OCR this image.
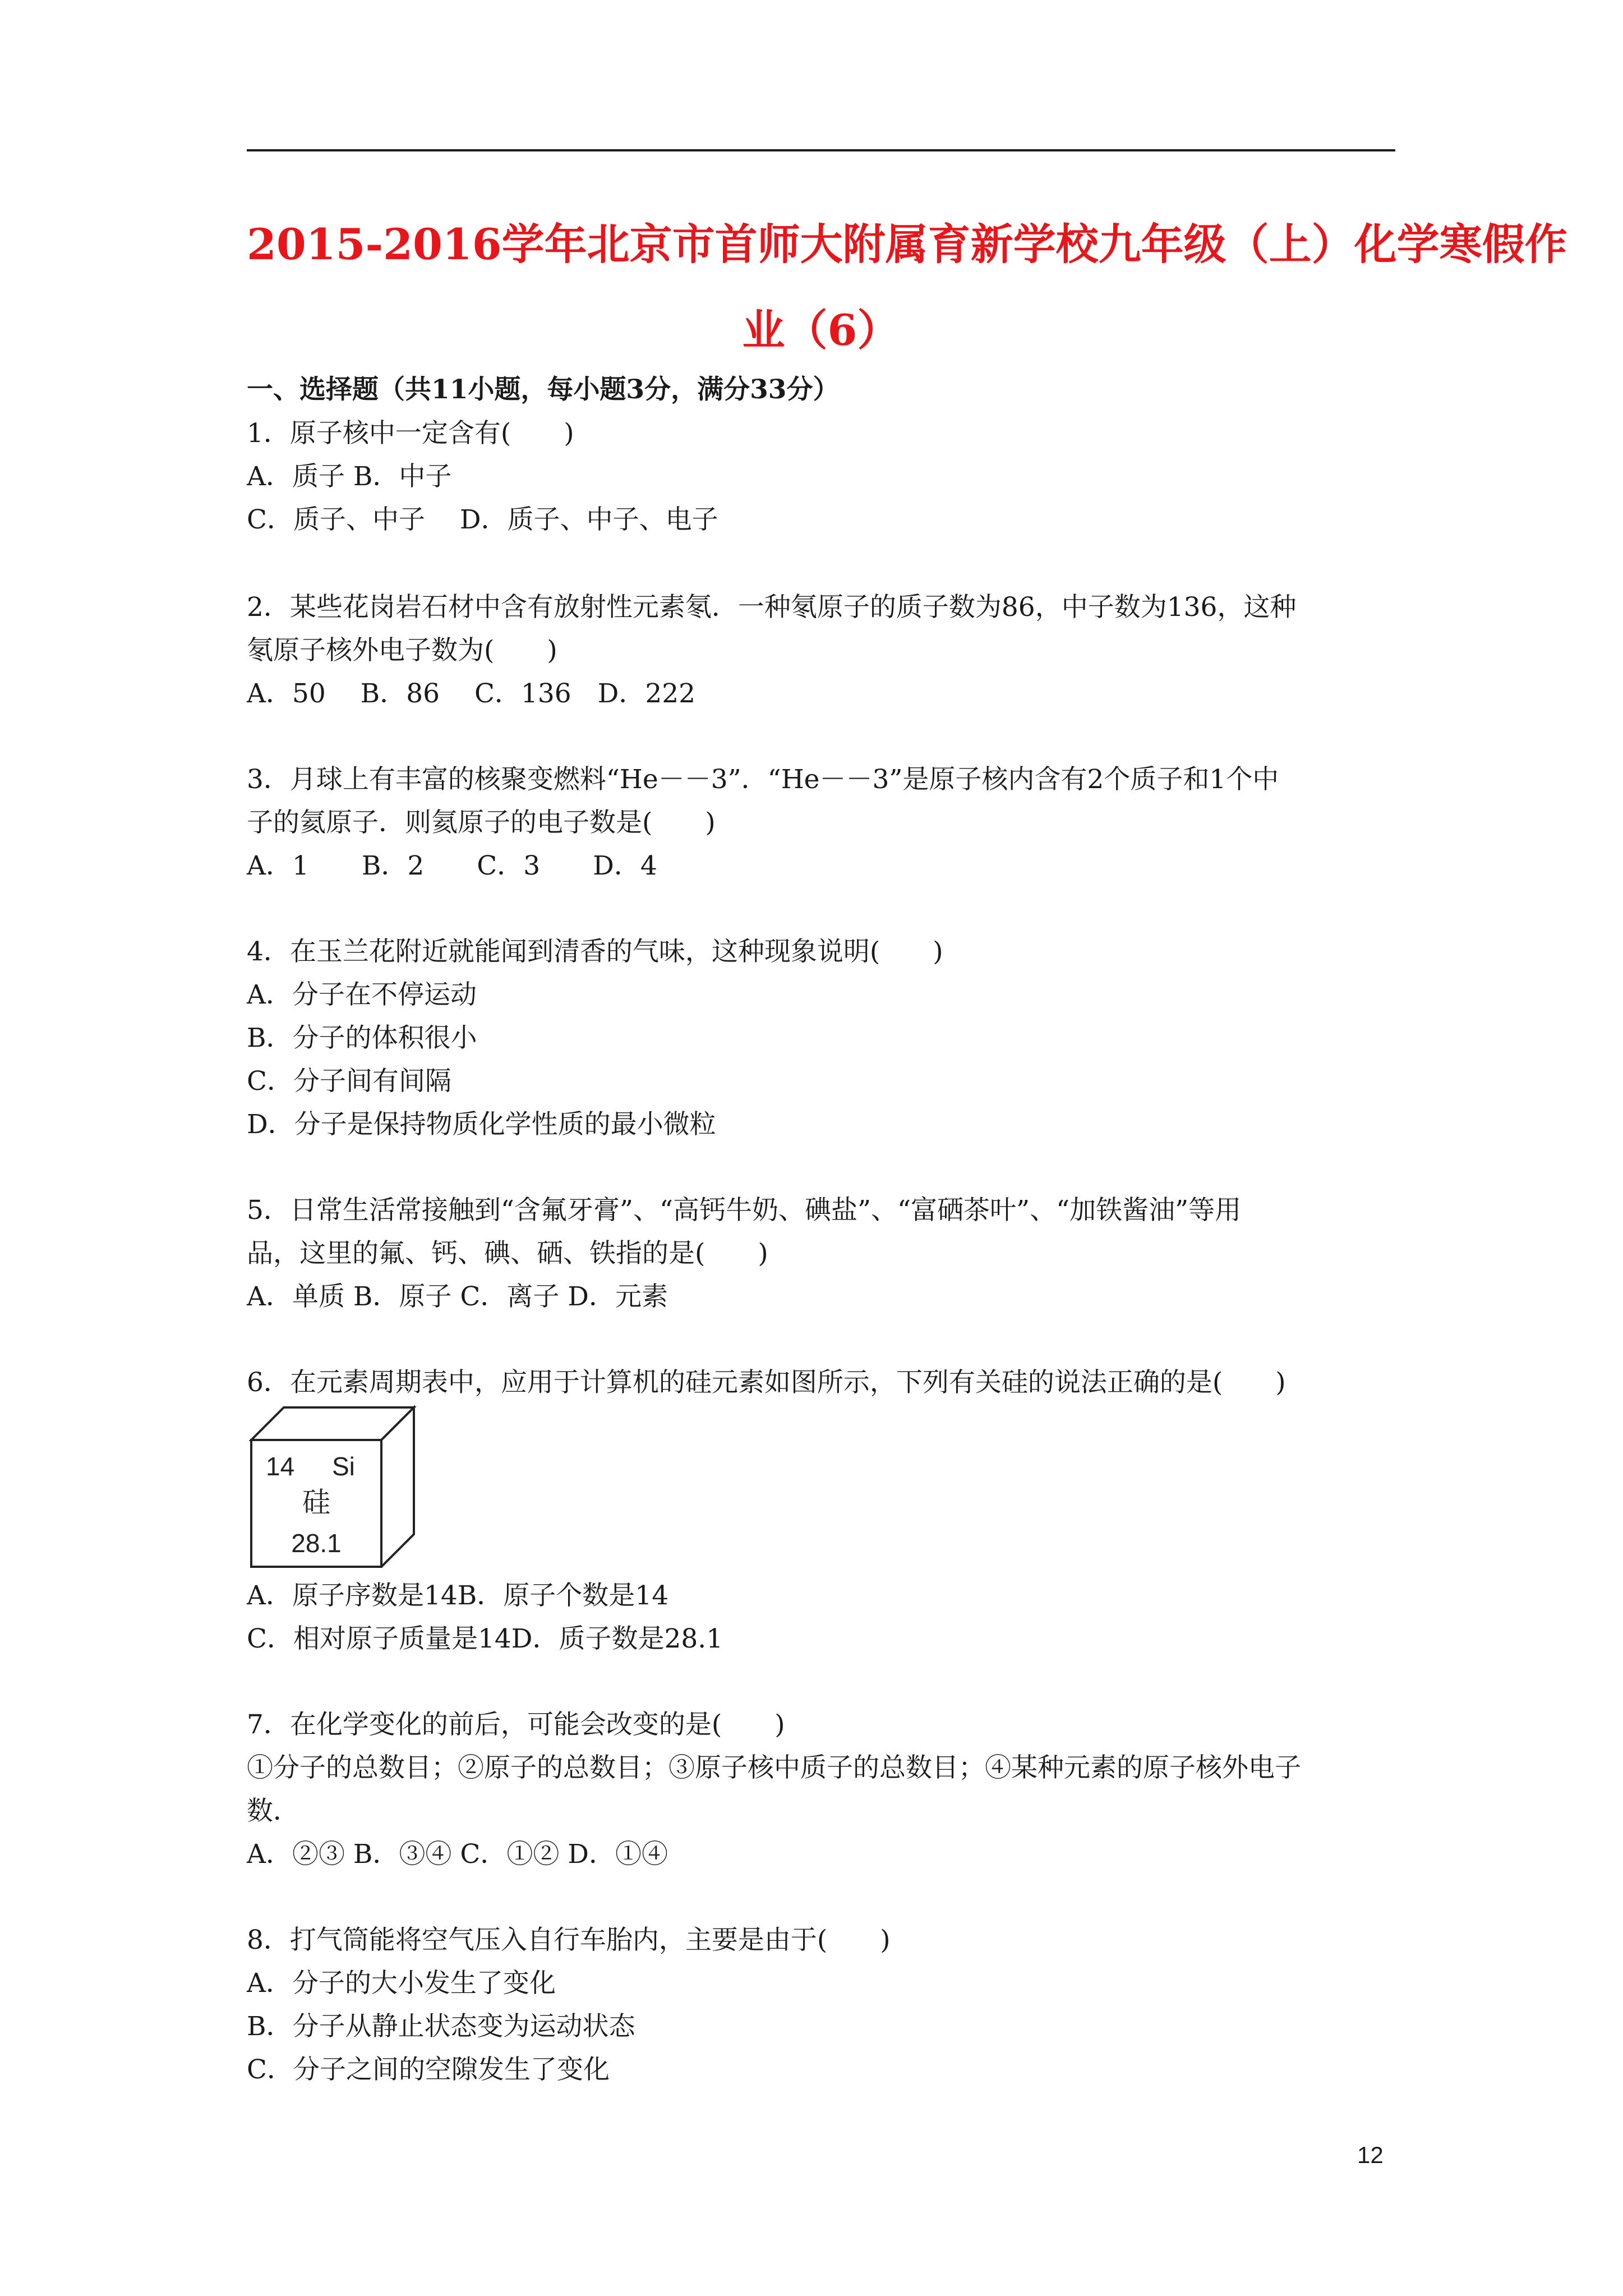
2015-2016学年北京市首师大附属育新学校九年级（上）化学寒假作
业（6）
一、选择题（共11小题，每小题3分，满分33分）
1．原子核中一定含有(　　)
A．质子 B．中子
C．质子、中子　 D．质子、中子、电子
2．某些花岗岩石材中含有放射性元素氡．一种氡原子的质子数为86，中子数为136，这种
氡原子核外电子数为(　　)
A．50　 B．86　 C．136　D．222
3．月球上有丰富的核聚变燃料“He－－3”．“He－－3”是原子核内含有2个质子和1个中
子的氦原子．则氦原子的电子数是(　　)
A．1　　B．2　　C．3　　D．4
4．在玉兰花附近就能闻到清香的气味，这种现象说明(　　)
A．分子在不停运动
B．分子的体积很小
C．分子间有间隔
D．分子是保持物质化学性质的最小微粒
5．日常生活常接触到“含氟牙膏”、“高钙牛奶、碘盐”、“富硒茶叶”、“加铁酱油”等用
品，这里的氟、钙、碘、硒、铁指的是(　　)
A．单质 B．原子 C．离子 D．元素
6．在元素周期表中，应用于计算机的硅元素如图所示，下列有关硅的说法正确的是(　　)
14 Si
硅
28.1
A．原子序数是14B．原子个数是14
C．相对原子质量是14D．质子数是28.1
7．在化学变化的前后，可能会改变的是(　　)
①分子的总数目；②原子的总数目；③原子核中质子的总数目；④某种元素的原子核外电子
数．
A．②③ B．③④ C．①② D．①④
8．打气筒能将空气压入自行车胎内，主要是由于(　　)
A．分子的大小发生了变化
B．分子从静止状态变为运动状态
C．分子之间的空隙发生了变化
12
